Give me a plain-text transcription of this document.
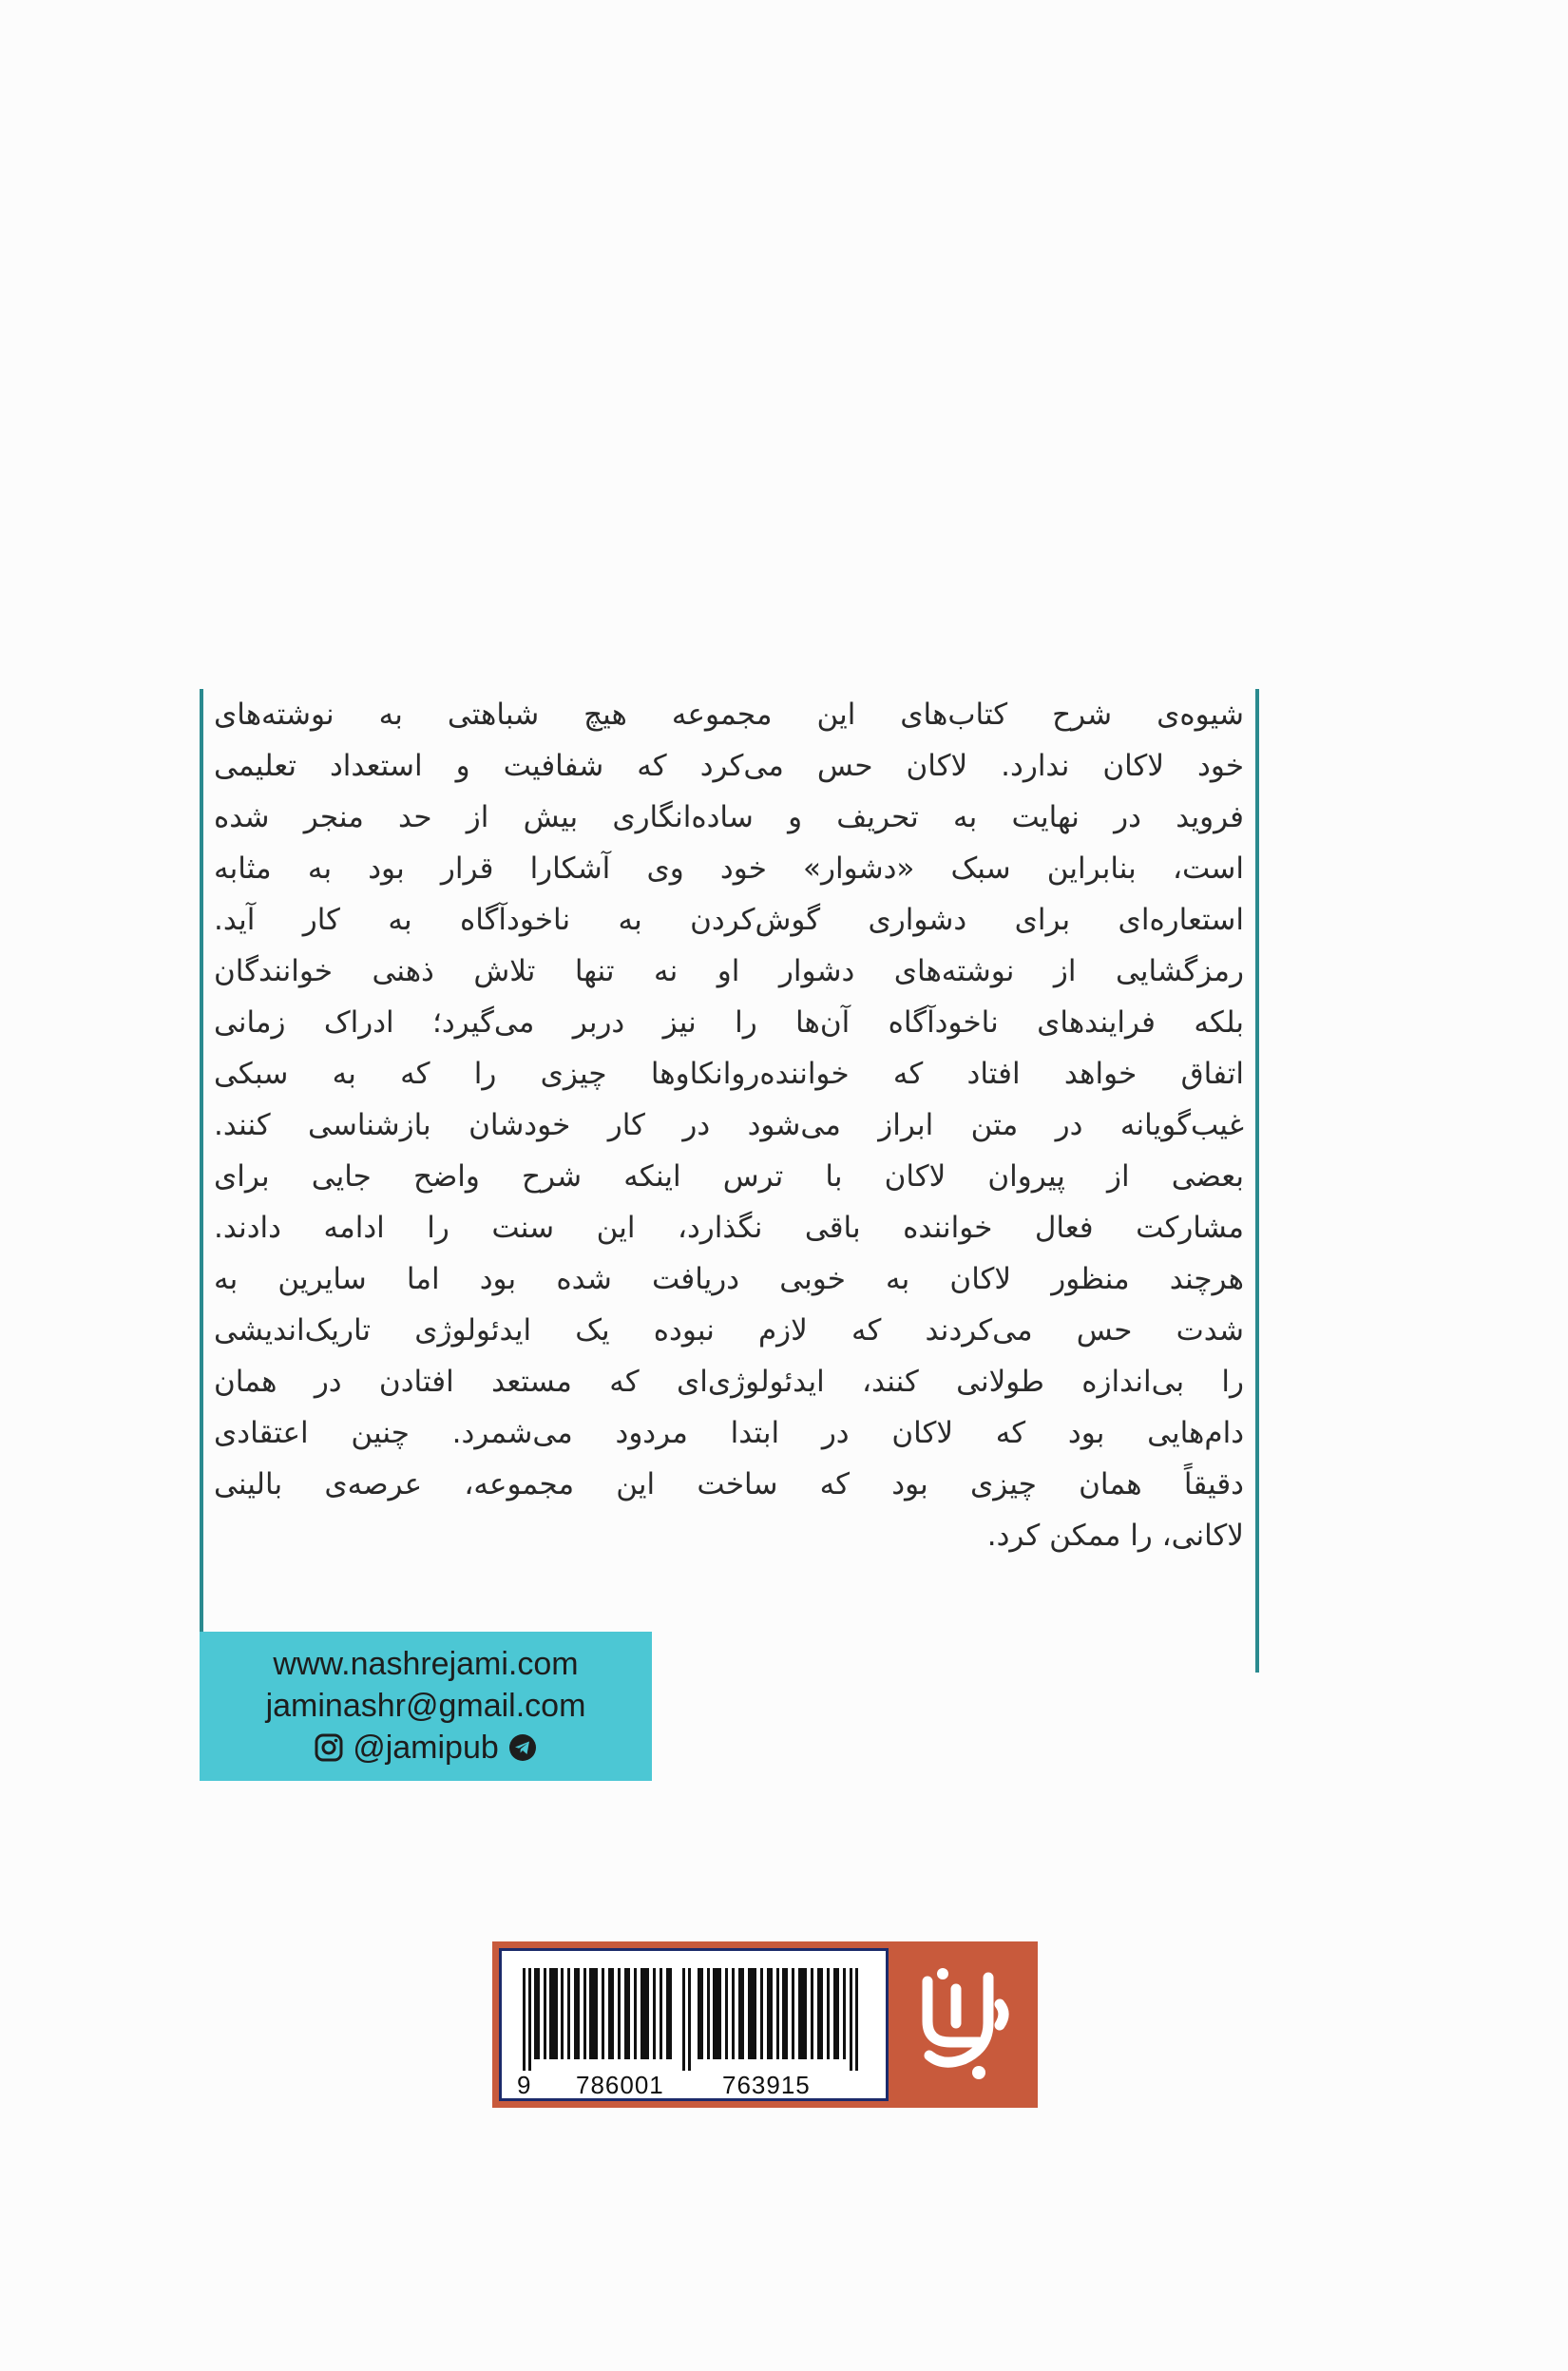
شیوه‌ی شرح کتاب‌های این مجموعه هیچ شباهتی به نوشته‌های
خود لاکان ندارد. لاکان حس می‌کرد که شفافیت و استعداد تعلیمی
فروید در نهایت به تحریف و ساده‌انگاری بیش از حد منجر شده
است، بنابراین سبک «دشوار» خود وی آشکارا قرار بود به مثابه
استعاره‌ای برای دشواری گوش‌کردن به ناخودآگاه به کار آید.
رمزگشایی از نوشته‌های دشوار او نه تنها تلاش ذهنی خوانندگان
بلکه فرایندهای ناخودآگاه آن‌ها را نیز دربر می‌گیرد؛ ادراک زمانی
اتفاق خواهد افتاد که خواننده‌روانکاوها چیزی را که به سبکی
غیب‌گویانه در متن ابراز می‌شود در کار خودشان بازشناسی کنند.
بعضی از پیروان لاکان با ترس اینکه شرح واضح جایی برای
مشارکت فعال خواننده باقی نگذارد، این سنت را ادامه دادند.
هرچند منظور لاکان به خوبی دریافت شده بود اما سایرین به
شدت حس می‌کردند که لازم نبوده یک ایدئولوژی تاریک‌اندیشی
را بی‌اندازه طولانی کنند، ایدئولوژی‌ای که مستعد افتادن در همان
دام‌هایی بود که لاکان در ابتدا مردود می‌شمرد. چنین اعتقادی
دقیقاً همان چیزی بود که ساخت این مجموعه، عرصه‌ی بالینی
لاکانی، را ممکن کرد.
www.nashrejami.com
jaminashr@gmail.com
@jamipub
9 786001 763915
